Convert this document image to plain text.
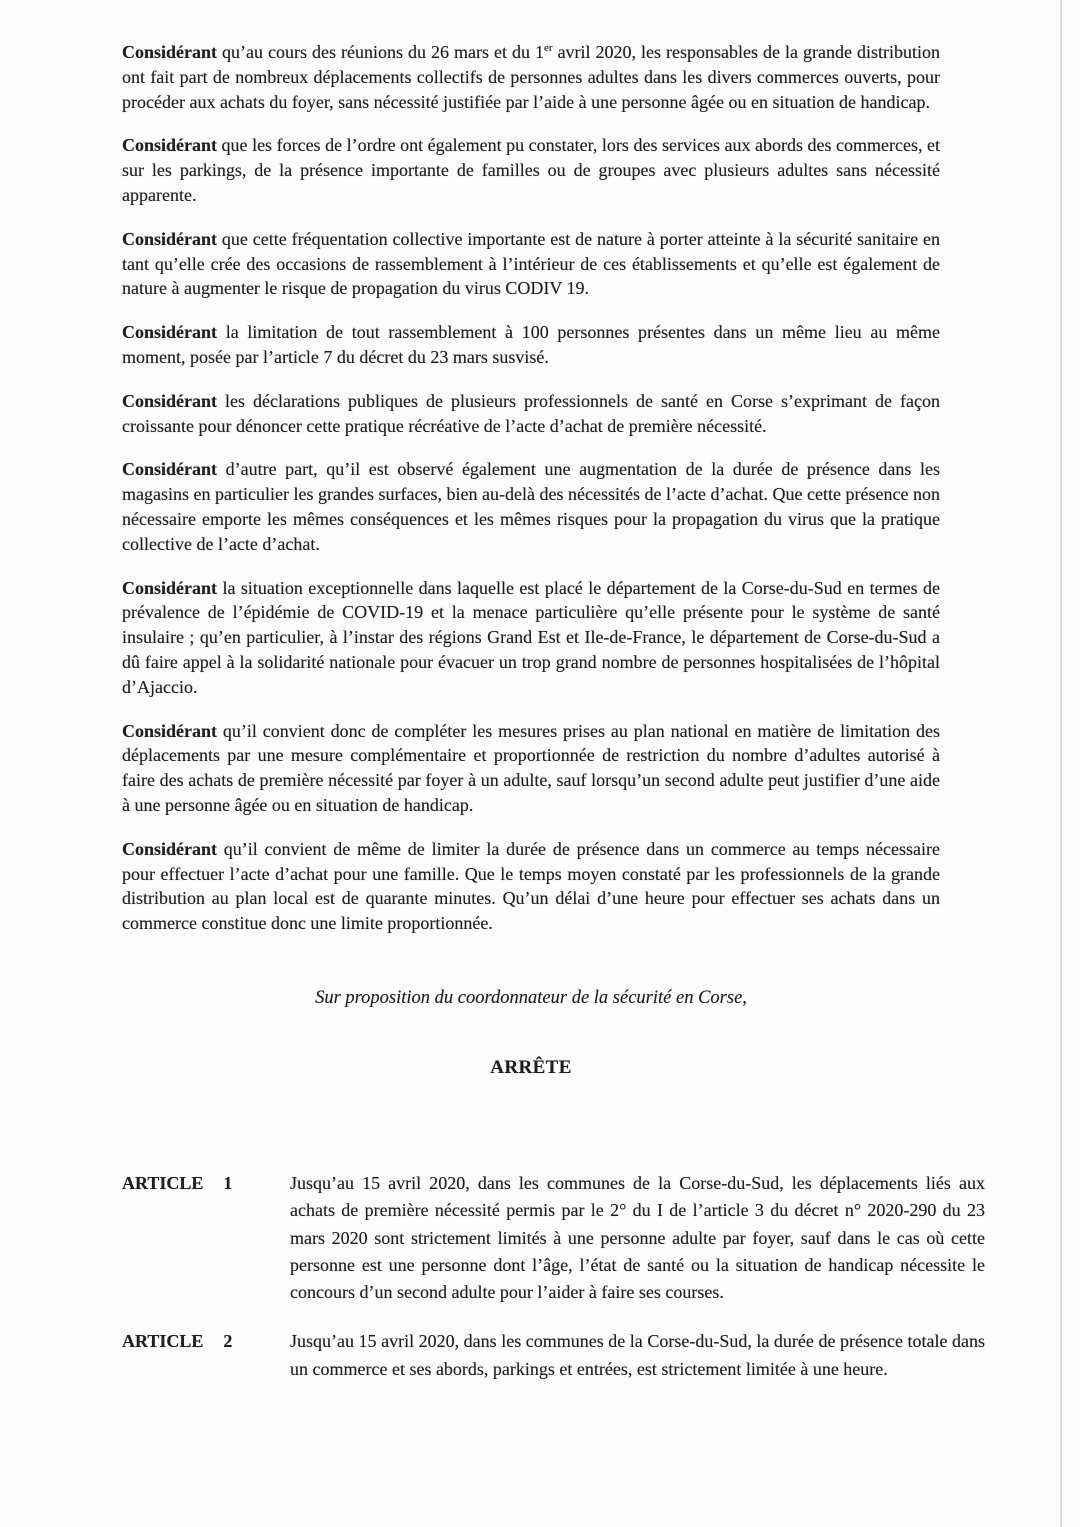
Considérant qu’au cours des réunions du 26 mars et du 1er avril 2020, les responsables de la grande distribution ont fait part de nombreux déplacements collectifs de personnes adultes dans les divers commerces ouverts, pour procéder aux achats du foyer, sans nécessité justifiée par l’aide à une personne âgée ou en situation de handicap.

Considérant que les forces de l’ordre ont également pu constater, lors des services aux abords des commerces, et sur les parkings, de la présence importante de familles ou de groupes avec plusieurs adultes sans nécessité apparente.

Considérant que cette fréquentation collective importante est de nature à porter atteinte à la sécurité sanitaire en tant qu’elle crée des occasions de rassemblement à l’intérieur de ces établissements et qu’elle est également de nature à augmenter le risque de propagation du virus CODIV 19.

Considérant la limitation de tout rassemblement à 100 personnes présentes dans un même lieu au même moment, posée par l’article 7 du décret du 23 mars susvisé.

Considérant les déclarations publiques de plusieurs professionnels de santé en Corse s’exprimant de façon croissante pour dénoncer cette pratique récréative de l’acte d’achat de première nécessité.

Considérant d’autre part, qu’il est observé également une augmentation de la durée de présence dans les magasins en particulier les grandes surfaces, bien au-delà des nécessités de l’acte d’achat. Que cette présence non nécessaire emporte les mêmes conséquences et les mêmes risques pour la propagation du virus que la pratique collective de l’acte d’achat.

Considérant la situation exceptionnelle dans laquelle est placé le département de la Corse-du-Sud en termes de prévalence de l’épidémie de COVID-19 et la menace particulière qu’elle présente pour le système de santé insulaire ; qu’en particulier, à l’instar des régions Grand Est et Ile-de-France, le département de Corse-du-Sud a dû faire appel à la solidarité nationale pour évacuer un trop grand nombre de personnes hospitalisées de l’hôpital d’Ajaccio.

Considérant qu’il convient donc de compléter les mesures prises au plan national en matière de limitation des déplacements par une mesure complémentaire et proportionnée de restriction du nombre d’adultes autorisé à faire des achats de première nécessité par foyer à un adulte, sauf lorsqu’un second adulte peut justifier d’une aide à une personne âgée ou en situation de handicap.

Considérant qu’il convient de même de limiter la durée de présence dans un commerce au temps nécessaire pour effectuer l’acte d’achat pour une famille. Que le temps moyen constaté par les professionnels de la grande distribution au plan local est de quarante minutes. Qu’un délai d’une heure pour effectuer ses achats dans un commerce constitue donc une limite proportionnée.

Sur proposition du coordonnateur de la sécurité en Corse,

ARRÊTE
ARTICLE 1	Jusqu’au 15 avril 2020, dans les communes de la Corse-du-Sud, les déplacements liés aux achats de première nécessité permis par le 2° du I de l’article 3 du décret n° 2020-290 du 23 mars 2020 sont strictement limités à une personne adulte par foyer, sauf dans le cas où cette personne est une personne dont l’âge, l’état de santé ou la situation de handicap nécessite le concours d’un second adulte pour l’aider à faire ses courses.

ARTICLE 2	Jusqu’au 15 avril 2020, dans les communes de la Corse-du-Sud, la durée de présence totale dans un commerce et ses abords, parkings et entrées, est strictement limitée à une heure.
